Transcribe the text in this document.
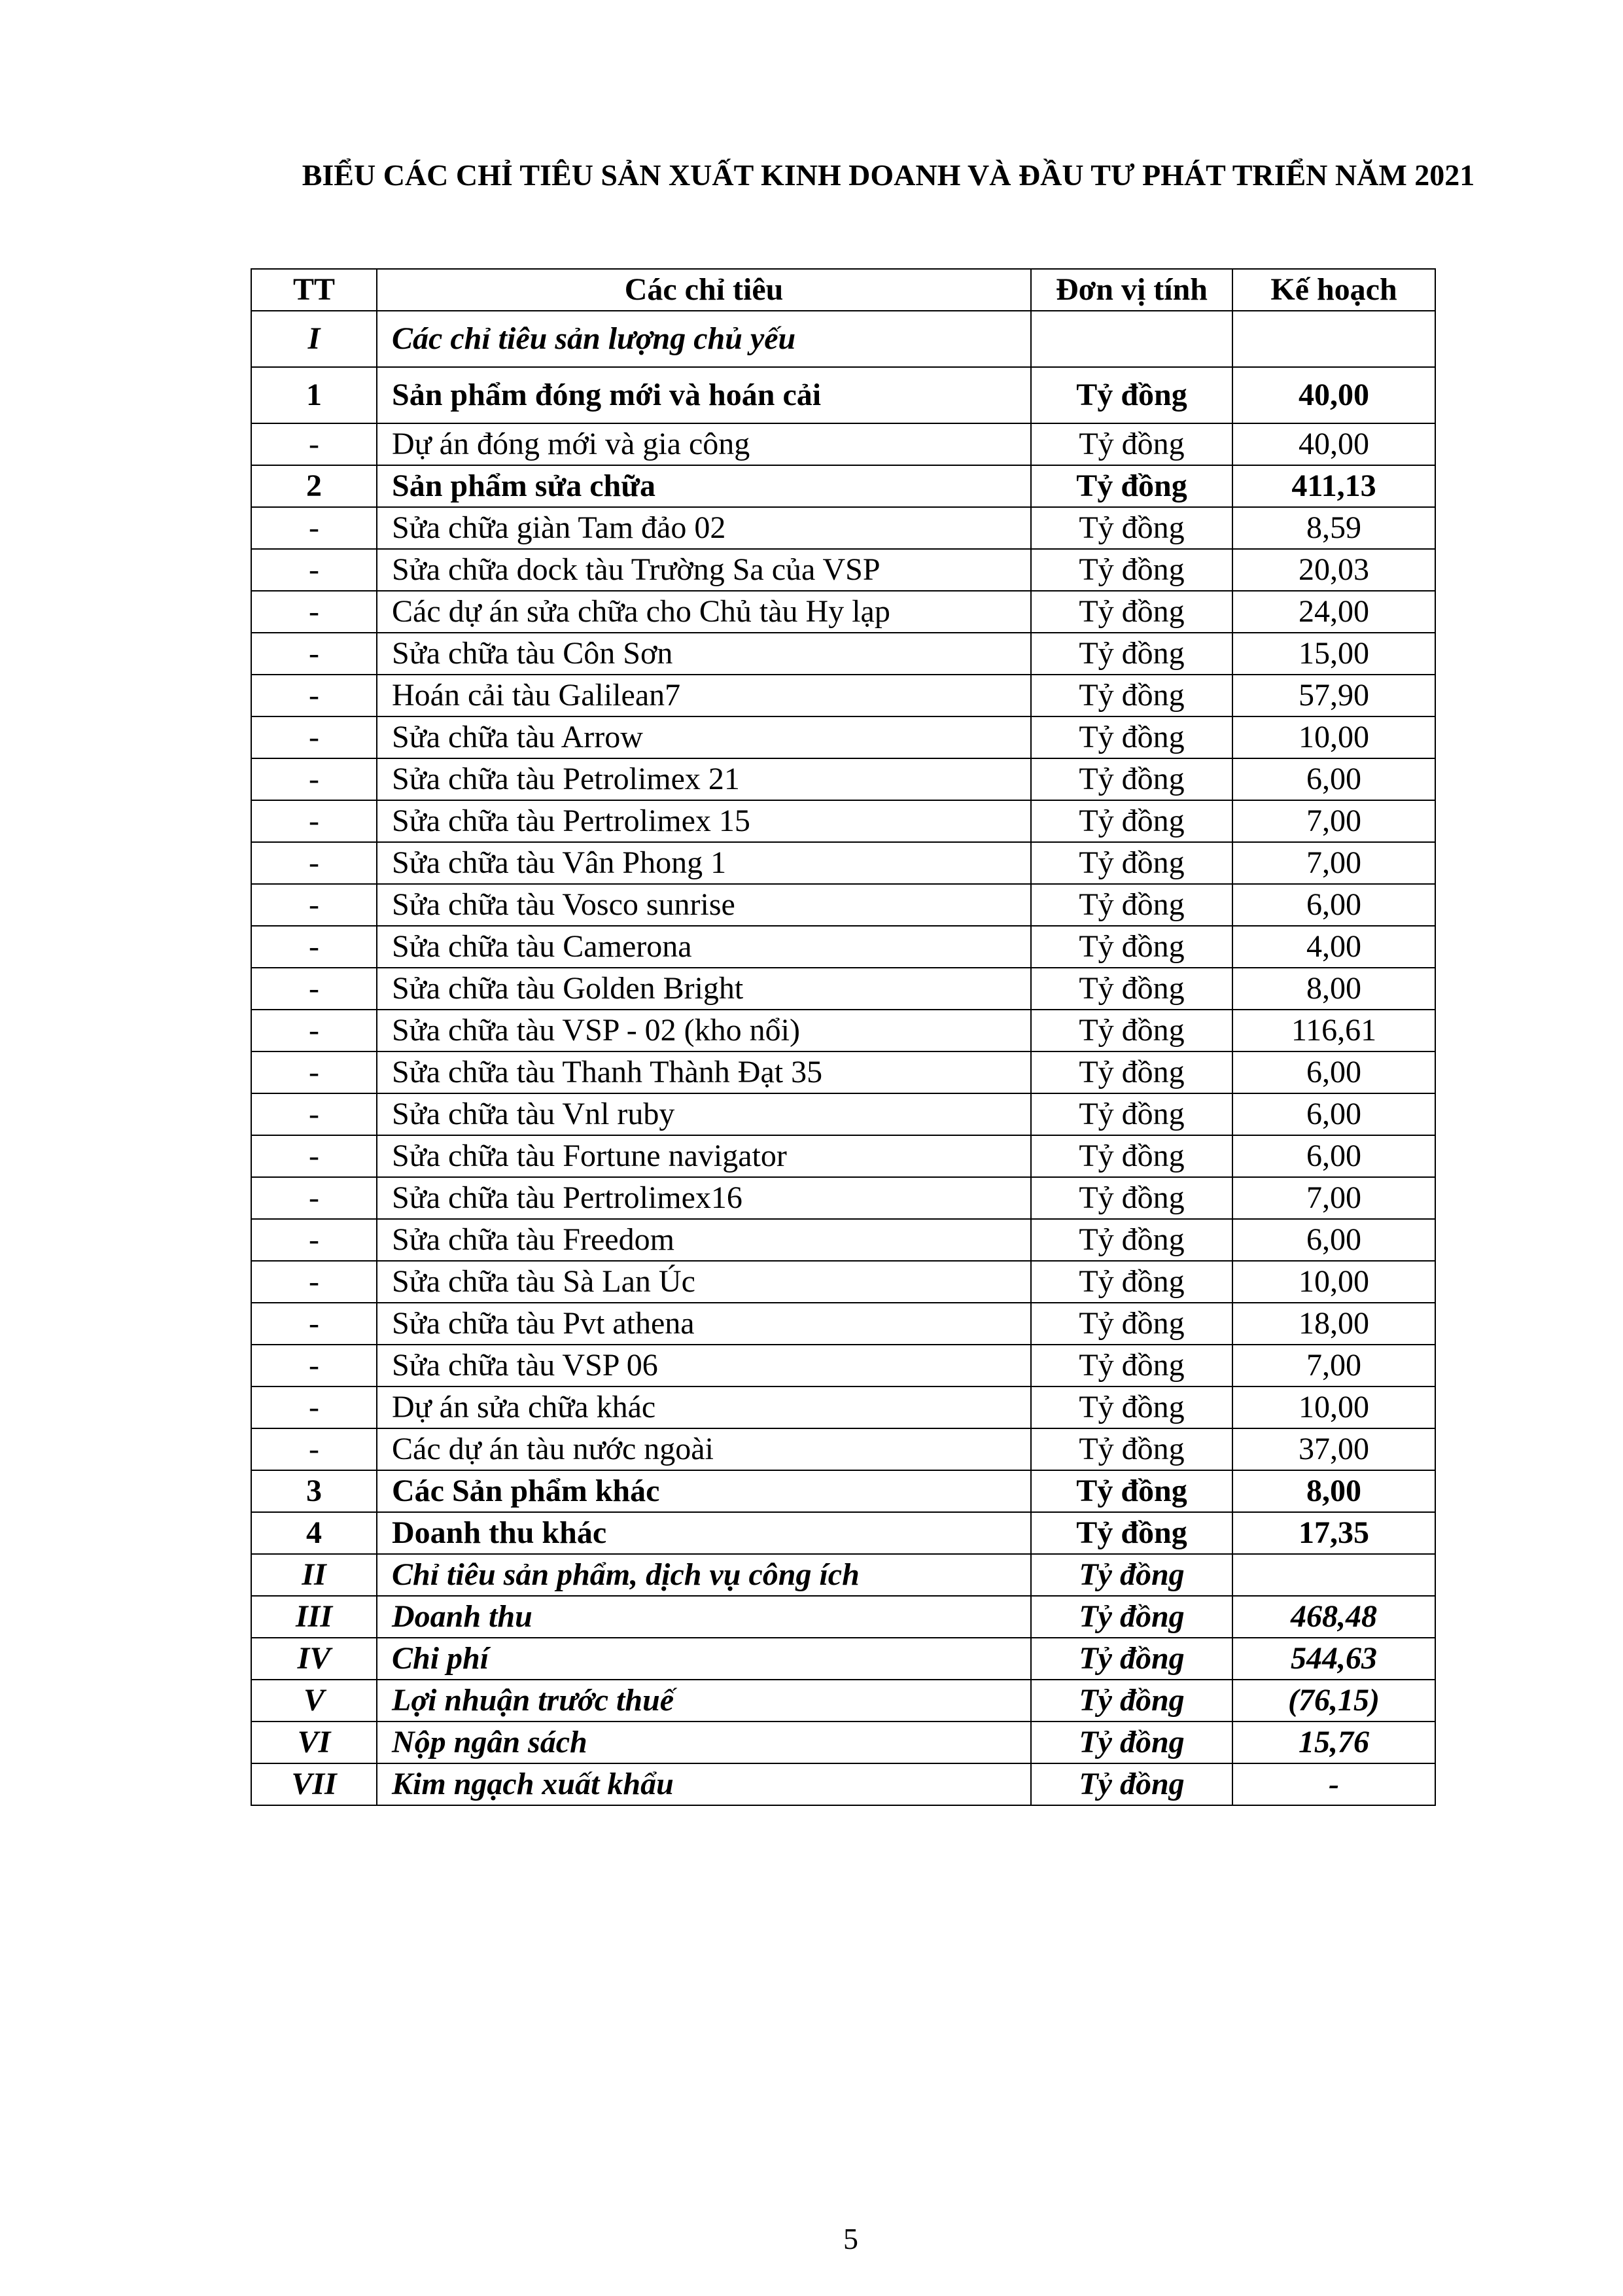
BIỂU CÁC CHỈ TIÊU SẢN XUẤT KINH DOANH VÀ ĐẦU TƯ PHÁT TRIỂN NĂM 2021
TT	Các chỉ tiêu	Đơn vị tính	Kế hoạch
I	Các chỉ tiêu sản lượng chủ yếu		
1	Sản phẩm đóng mới và hoán cải	Tỷ đồng	40,00
-	Dự án đóng mới và gia công	Tỷ đồng	40,00
2	Sản phẩm sửa chữa	Tỷ đồng	411,13
-	Sửa chữa giàn Tam đảo 02	Tỷ đồng	8,59
-	Sửa chữa dock tàu Trường Sa của VSP	Tỷ đồng	20,03
-	Các dự án sửa chữa cho Chủ tàu Hy lạp	Tỷ đồng	24,00
-	Sửa chữa tàu Côn Sơn	Tỷ đồng	15,00
-	Hoán cải tàu Galilean7	Tỷ đồng	57,90
-	Sửa chữa tàu Arrow	Tỷ đồng	10,00
-	Sửa chữa tàu Petrolimex 21	Tỷ đồng	6,00
-	Sửa chữa tàu Pertrolimex 15	Tỷ đồng	7,00
-	Sửa chữa tàu Vân Phong 1	Tỷ đồng	7,00
-	Sửa chữa tàu Vosco sunrise	Tỷ đồng	6,00
-	Sửa chữa tàu Camerona	Tỷ đồng	4,00
-	Sửa chữa tàu Golden Bright	Tỷ đồng	8,00
-	Sửa chữa tàu VSP - 02 (kho nổi)	Tỷ đồng	116,61
-	Sửa chữa tàu Thanh Thành Đạt 35	Tỷ đồng	6,00
-	Sửa chữa tàu Vnl ruby	Tỷ đồng	6,00
-	Sửa chữa tàu Fortune navigator	Tỷ đồng	6,00
-	Sửa chữa tàu Pertrolimex16	Tỷ đồng	7,00
-	Sửa chữa tàu Freedom	Tỷ đồng	6,00
-	Sửa chữa tàu Sà Lan Úc	Tỷ đồng	10,00
-	Sửa chữa tàu Pvt athena	Tỷ đồng	18,00
-	Sửa chữa tàu VSP 06	Tỷ đồng	7,00
-	Dự án sửa chữa khác	Tỷ đồng	10,00
-	Các dự án tàu nước ngoài	Tỷ đồng	37,00
3	Các Sản phẩm khác	Tỷ đồng	8,00
4	Doanh thu khác	Tỷ đồng	17,35
II	Chỉ tiêu sản phẩm, dịch vụ công ích	Tỷ đồng	
III	Doanh thu	Tỷ đồng	468,48
IV	Chi phí	Tỷ đồng	544,63
V	Lợi nhuận trước thuế	Tỷ đồng	(76,15)
VI	Nộp ngân sách	Tỷ đồng	15,76
VII	Kim ngạch xuất khẩu	Tỷ đồng	-
5
